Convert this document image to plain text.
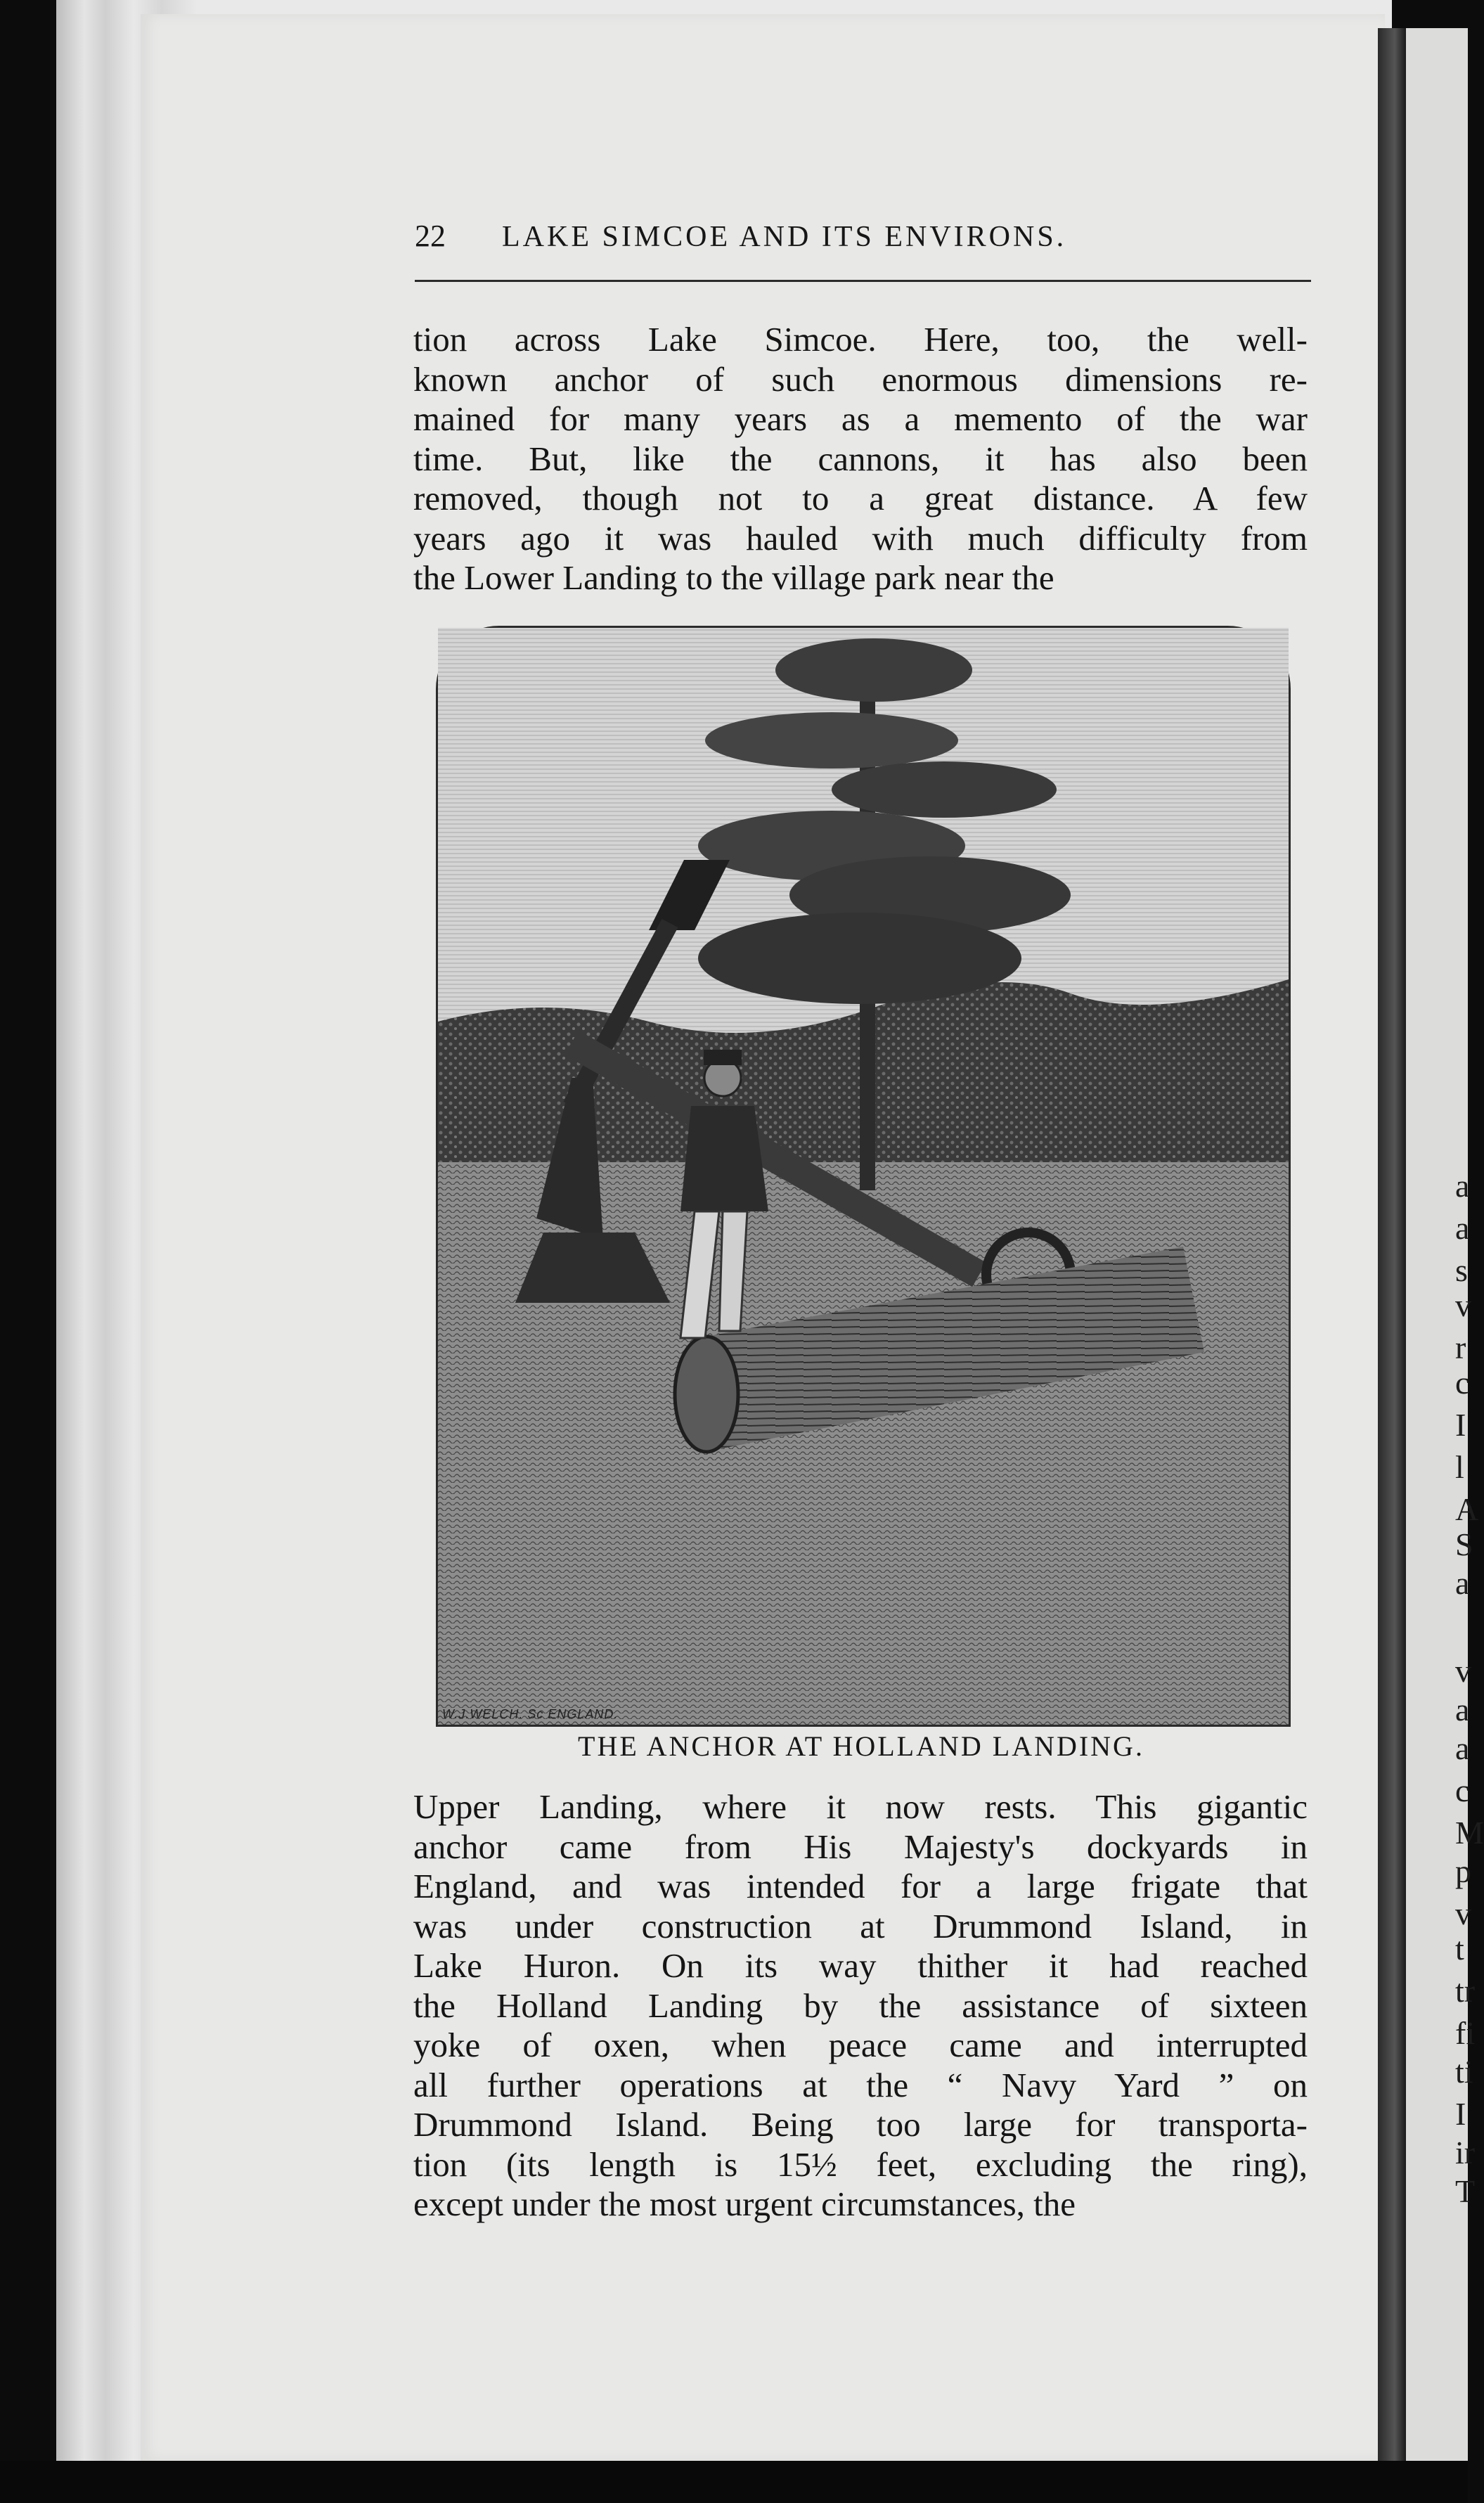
a
a
s
v
r
c
I
l
A
S
a
v
a
a
c
M
p
v
t
tr
fi
ti
I
ir
T
22 LAKE SIMCOE AND ITS ENVIRONS.
tion across Lake Simcoe. Here, too, the well-
known anchor of such enormous dimensions re-
mained for many years as a memento of the war
time. But, like the cannons, it has also been
removed, though not to a great distance. A few
years ago it was hauled with much difficulty from
the Lower Landing to the village park near the
W.J.WELCH. Sc ENGLAND.
THE ANCHOR AT HOLLAND LANDING.
Upper Landing, where it now rests. This gigantic
anchor came from His Majesty's dockyards in
England, and was intended for a large frigate that
was under construction at Drummond Island, in
Lake Huron. On its way thither it had reached
the Holland Landing by the assistance of sixteen
yoke of oxen, when peace came and interrupted
all further operations at the “ Navy Yard ” on
Drummond Island. Being too large for transporta-
tion (its length is 15½ feet, excluding the ring),
except under the most urgent circumstances, the
